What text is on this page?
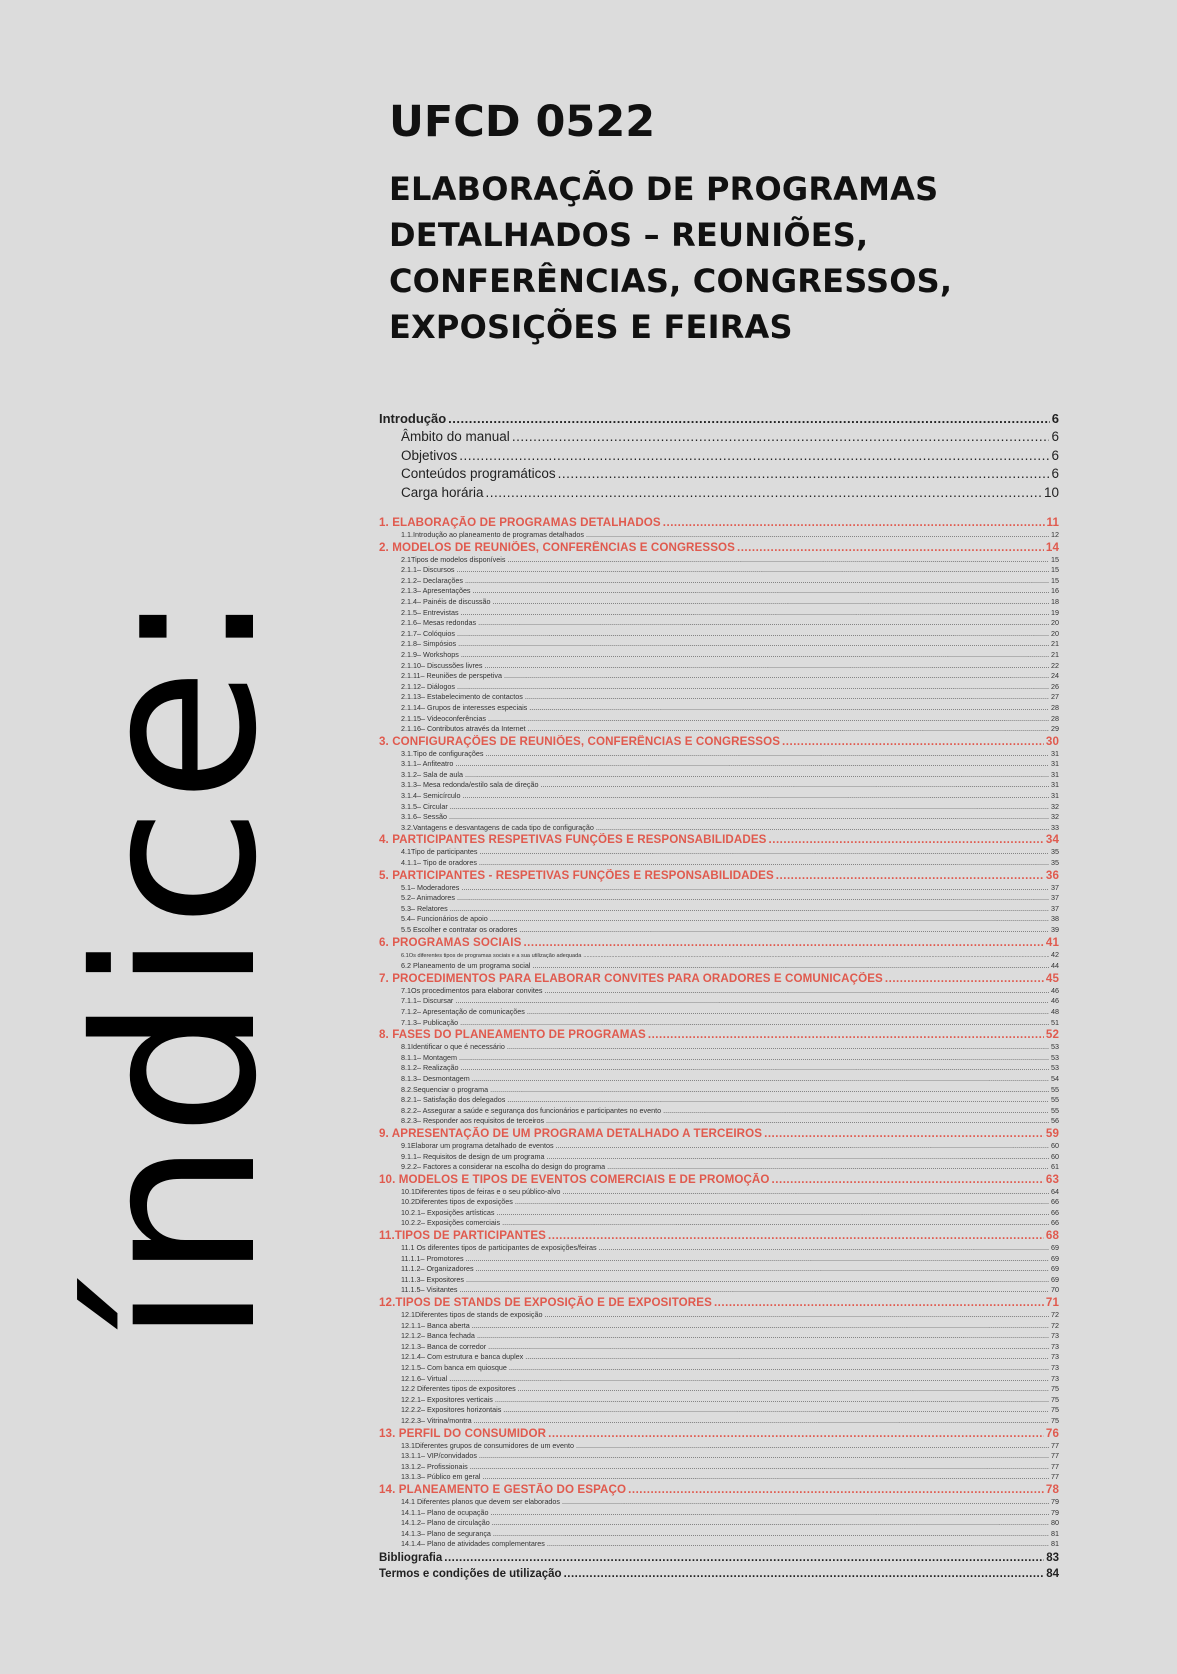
índice:
UFCD 0522
ELABORAÇÃO DE PROGRAMAS
DETALHADOS – REUNIÕES,
CONFERÊNCIAS, CONGRESSOS,
EXPOSIÇÕES E FEIRAS
Introdução .....	6
Âmbito do manual .....	6
Objetivos .....	6
Conteúdos programáticos .....	6
Carga horária .....	10
1. ELABORAÇÃO DE PROGRAMAS DETALHADOS .....	11
1.1.Introdução ao planeamento de programas detalhados .....	12
2. MODELOS DE REUNIÕES, CONFERÊNCIAS E CONGRESSOS .....	14
2.1Tipos de modelos disponíveis .....	15
2.1.1– Discursos .....	15
2.1.2– Declarações .....	15
2.1.3– Apresentações .....	16
2.1.4– Painéis de discussão .....	18
2.1.5– Entrevistas .....	19
2.1.6– Mesas redondas .....	20
2.1.7– Colóquios .....	20
2.1.8– Simpósios .....	21
2.1.9– Workshops .....	21
2.1.10– Discussões livres .....	22
2.1.11– Reuniões de perspetiva .....	24
2.1.12– Diálogos .....	26
2.1.13– Estabelecimento de contactos .....	27
2.1.14– Grupos de interesses especiais .....	28
2.1.15– Videoconferências .....	28
2.1.16– Contributos através da Internet .....	29
3. CONFIGURAÇÕES DE REUNIÕES, CONFERÊNCIAS E CONGRESSOS .....	30
3.1.Tipo de configurações .....	31
3.1.1– Anfiteatro .....	31
3.1.2– Sala de aula .....	31
3.1.3– Mesa redonda/estilo sala de direção .....	31
3.1.4– Semicírculo .....	31
3.1.5– Circular .....	32
3.1.6– Sessão .....	32
3.2.Vantagens e desvantagens de cada tipo de configuração .....	33
4. PARTICIPANTES RESPETIVAS FUNÇÕES E RESPONSABILIDADES .....	34
4.1Tipo de participantes .....	35
4.1.1– Tipo de oradores .....	35
5. PARTICIPANTES - RESPETIVAS FUNÇÕES E RESPONSABILIDADES .....	36
5.1– Moderadores .....	37
5.2– Animadores .....	37
5.3– Relatores .....	37
5.4– Funcionários de apoio .....	38
5.5 Escolher e contratar os oradores .....	39
6. PROGRAMAS SOCIAIS .....	41
6.1Os diferentes tipos de programas sociais e a sua utilização adequada .....	42
6.2 Planeamento de um programa social .....	44
7. PROCEDIMENTOS PARA ELABORAR CONVITES PARA ORADORES E COMUNICAÇÕES .....	45
7.1Os procedimentos para elaborar convites .....	46
7.1.1– Discursar .....	46
7.1.2– Apresentação de comunicações .....	48
7.1.3– Publicação .....	51
8. FASES DO PLANEAMENTO DE PROGRAMAS .....	52
8.1Identificar o que é necessário .....	53
8.1.1– Montagem .....	53
8.1.2– Realização .....	53
8.1.3– Desmontagem .....	54
8.2.Sequenciar o programa .....	55
8.2.1– Satisfação dos delegados .....	55
8.2.2– Assegurar a saúde e segurança dos funcionários e participantes no evento .....	55
8.2.3– Responder aos requisitos de terceiros .....	56
9. APRESENTAÇÃO DE UM PROGRAMA DETALHADO A TERCEIROS .....	59
9.1Elaborar um programa detalhado de eventos .....	60
9.1.1– Requisitos de design de um programa .....	60
9.2.2– Factores a considerar na escolha do design do programa .....	61
10. MODELOS E TIPOS DE EVENTOS COMERCIAIS E DE PROMOÇÃO .....	63
10.1Diferentes tipos de feiras e o seu público-alvo .....	64
10.2Diferentes tipos de exposições .....	66
10.2.1– Exposições artísticas .....	66
10.2.2– Exposições comerciais .....	66
11.TIPOS DE PARTICIPANTES .....	68
11.1 Os diferentes tipos de participantes de exposições/feiras .....	69
11.1.1– Promotores .....	69
11.1.2– Organizadores .....	69
11.1.3– Expositores .....	69
11.1.5– Visitantes .....	70
12.TIPOS DE STANDS DE EXPOSIÇÃO E DE EXPOSITORES .....	71
12.1Diferentes tipos de stands de exposição .....	72
12.1.1– Banca aberta .....	72
12.1.2– Banca fechada .....	73
12.1.3– Banca de corredor .....	73
12.1.4– Com estrutura e banca duplex .....	73
12.1.5– Com banca em quiosque .....	73
12.1.6– Virtual .....	73
12.2 Diferentes tipos de expositores .....	75
12.2.1– Expositores verticais .....	75
12.2.2– Expositores horizontais .....	75
12.2.3– Vitrina/montra .....	75
13. PERFIL DO CONSUMIDOR .....	76
13.1Diferentes grupos de consumidores de um evento .....	77
13.1.1– VIP/convidados .....	77
13.1.2– Profissionais .....	77
13.1.3– Público em geral .....	77
14. PLANEAMENTO E GESTÃO DO ESPAÇO .....	78
14.1 Diferentes planos que devem ser elaborados .....	79
14.1.1– Plano de ocupação .....	79
14.1.2– Plano de circulação .....	80
14.1.3– Plano de segurança .....	81
14.1.4– Plano de atividades complementares .....	81
Bibliografia .....	83
Termos e condições de utilização .....	84
